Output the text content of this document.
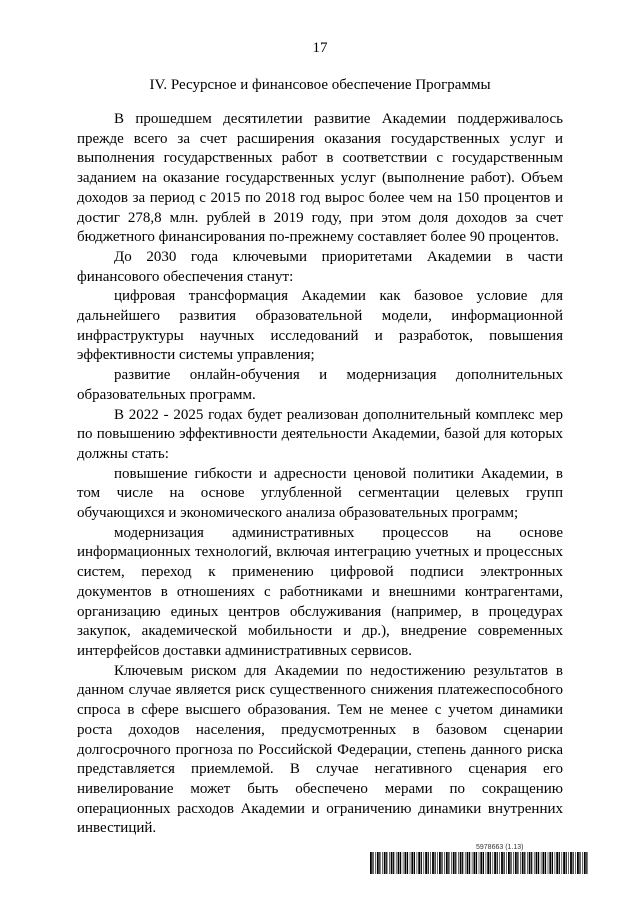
17
IV. Ресурсное и финансовое обеспечение Программы

В прошедшем десятилетии развитие Академии поддерживалось прежде всего за счет расширения оказания государственных услуг и выполнения государственных работ в соответствии с государственным заданием на оказание государственных услуг (выполнение работ). Объем доходов за период с 2015 по 2018 год вырос более чем на 150 процентов и достиг 278,8 млн. рублей в 2019 году, при этом доля доходов за счет бюджетного финансирования по-прежнему составляет более 90 процентов.

До 2030 года ключевыми приоритетами Академии в части финансового обеспечения станут:

цифровая трансформация Академии как базовое условие для дальнейшего развития образовательной модели, информационной инфраструктуры научных исследований и разработок, повышения эффективности системы управления;

развитие онлайн-обучения и модернизация дополнительных образовательных программ.

В 2022 - 2025 годах будет реализован дополнительный комплекс мер по повышению эффективности деятельности Академии, базой для которых должны стать:

повышение гибкости и адресности ценовой политики Академии, в том числе на основе углубленной сегментации целевых групп обучающихся и экономического анализа образовательных программ;

модернизация административных процессов на основе информационных технологий, включая интеграцию учетных и процессных систем, переход к применению цифровой подписи электронных документов в отношениях с работниками и внешними контрагентами, организацию единых центров обслуживания (например, в процедурах закупок, академической мобильности и др.), внедрение современных интерфейсов доставки административных сервисов.

Ключевым риском для Академии по недостижению результатов в данном случае является риск существенного снижения платежеспособного спроса в сфере высшего образования. Тем не менее с учетом динамики роста доходов населения, предусмотренных в базовом сценарии долгосрочного прогноза по Российской Федерации, степень данного риска представляется приемлемой. В случае негативного сценария его нивелирование может быть обеспечено мерами по сокращению операционных расходов Академии и ограничению динамики внутренних инвестиций.

5978663 (1.13)
